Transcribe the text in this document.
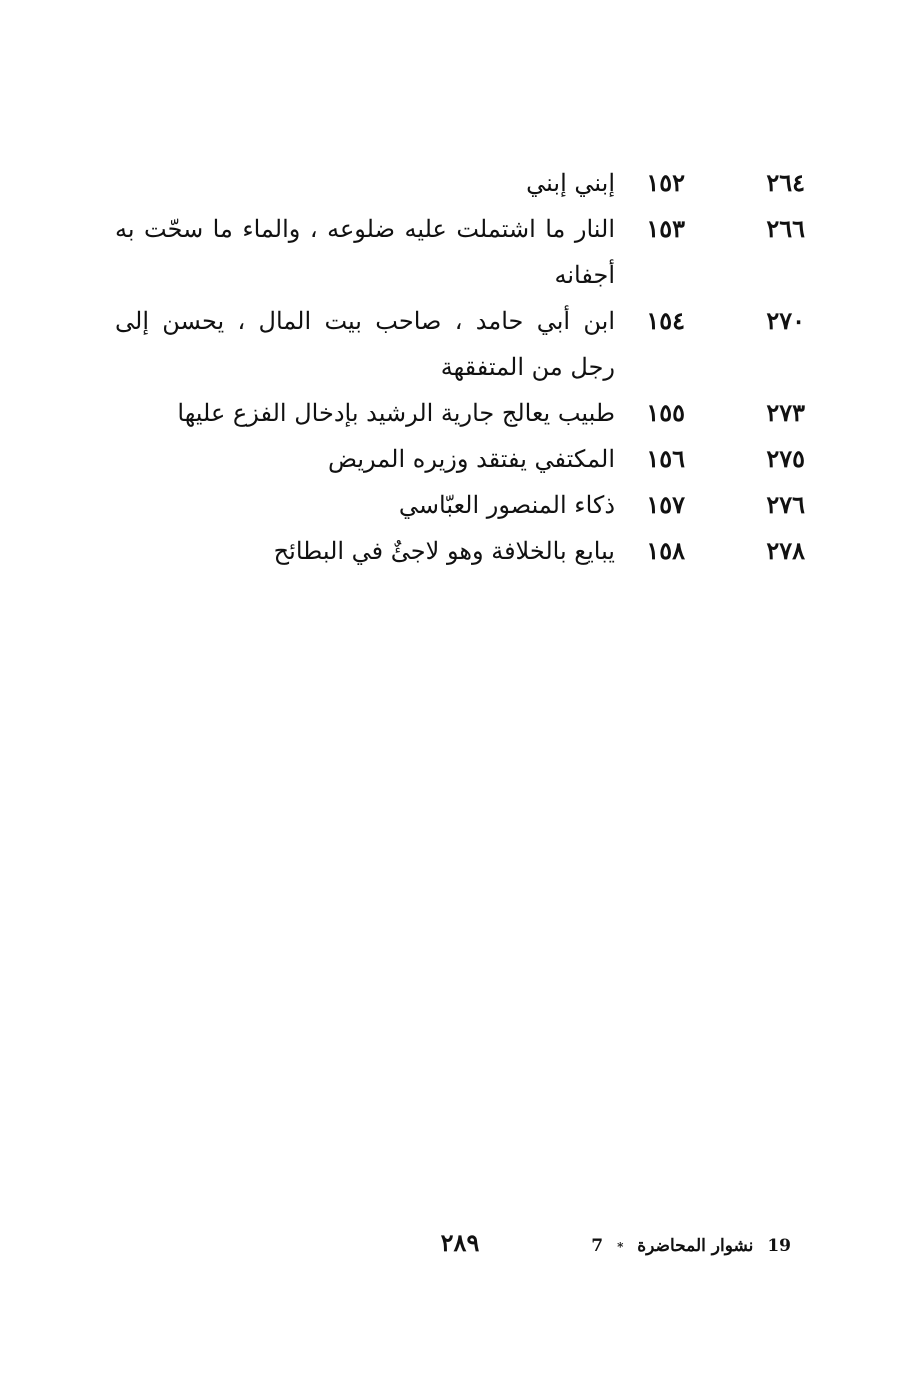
٢٦٤
١٥٢
إبني إبني
٢٦٦
١٥٣
النار ما اشتملت عليه ضلوعه ، والماء ما سحّت به أجفانه
٢٧٠
١٥٤
ابن أبي حامد ، صاحب بيت المال ، يحسن إلى رجل من المتفقهة
٢٧٣
١٥٥
طبيب يعالج جارية الرشيد بإدخال الفزع عليها
٢٧٥
١٥٦
المكتفي يفتقد وزيره المريض
٢٧٦
١٥٧
ذكاء المنصور العبّاسي
٢٧٨
١٥٨
يبايع بالخلافة وهو لاجئٌ في البطائح
٢٨٩	19 نشوار المحاضرة * 7
